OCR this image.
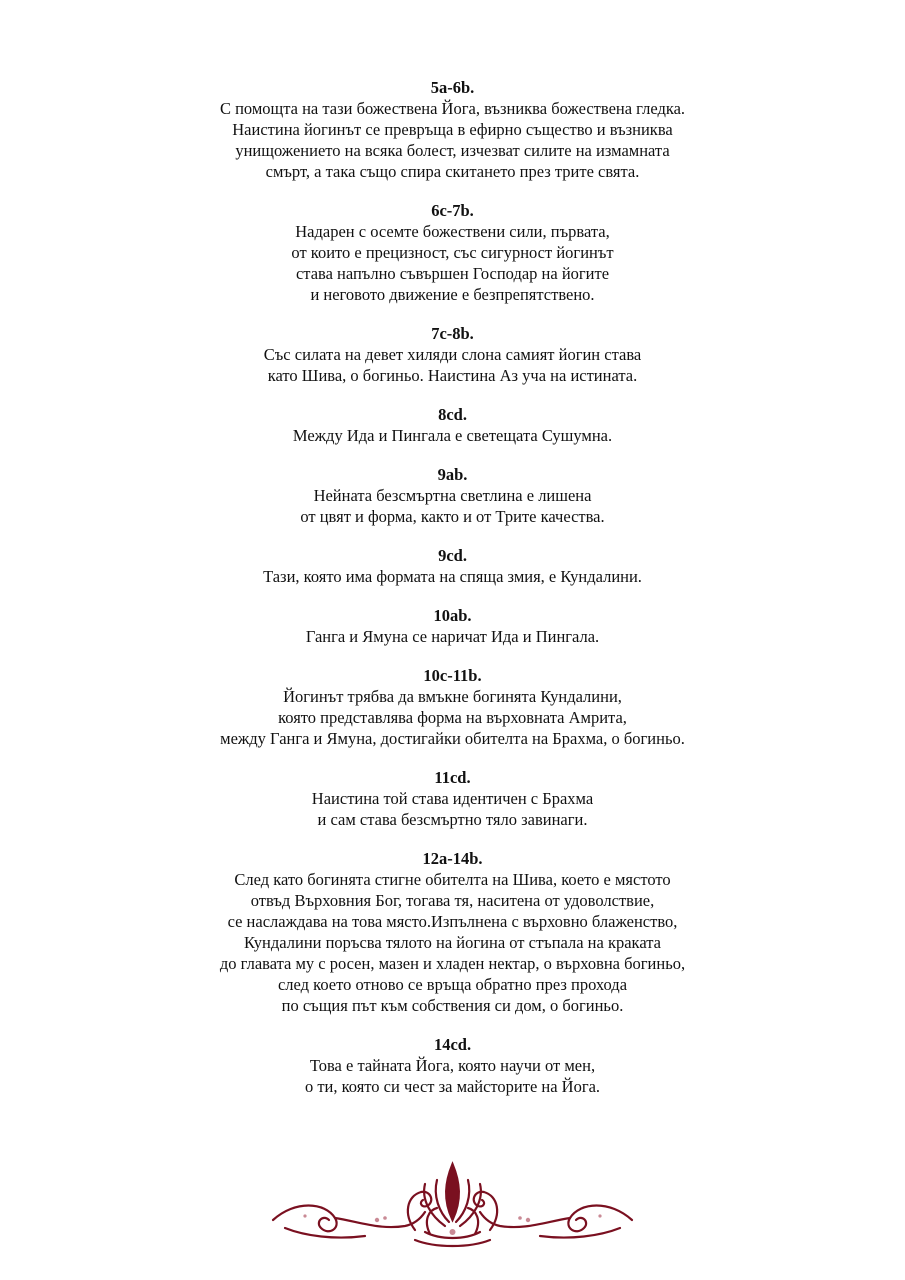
5a-6b.

С помощта на тази божествена Йога, възниква божествена гледка.

Наистина йогинът се превръща в ефирно същество и възниква

унищожението на всяка болест, изчезват силите на измамната

смърт, а така също спира скитането през трите свята.

6c-7b.

Надарен с осемте божествени сили, първата,

от които е прецизност, със сигурност йогинът

става напълно съвършен Господар на йогите

и неговото движение е безпрепятствено.

7c-8b.

Със силата на девет хиляди слона самият йогин става

като Шива, о богиньо. Наистина Аз уча на истината.

8cd.

Между Ида и Пингала е светещата Сушумна.

9ab.

Нейната безсмъртна светлина е лишена

от цвят и форма, както и от Трите качества.

9cd.

Тази, която има формата на спяща змия, е Кундалини.

10ab.

Ганга и Ямуна се наричат Ида и Пингала.

10c-11b.

Йогинът трябва да вмъкне богинята Кундалини,

която представлява форма на върховната Амрита,

между Ганга и Ямуна, достигайки обителта на Брахма, о богиньо.

11cd.

Наистина той става идентичен с Брахма

и сам става безсмъртно тяло завинаги.

12a-14b.

След като богинята стигне обителта на Шива, което е мястото

отвъд Върховния Бог, тогава тя, наситена от удоволствие,

се наслаждава на това място.Изпълнена с върховно блаженство,

Кундалини поръсва тялото на йогина от стъпала на краката

до главата му с росен, мазен и хладен нектар, о върховна богиньо,

след което отново се връща обратно през прохода

по същия път към собствения си дом, о богиньо.

14cd.

Това е тайната Йога, която научи от мен,

о ти, която си чест за майсторите на Йога.
